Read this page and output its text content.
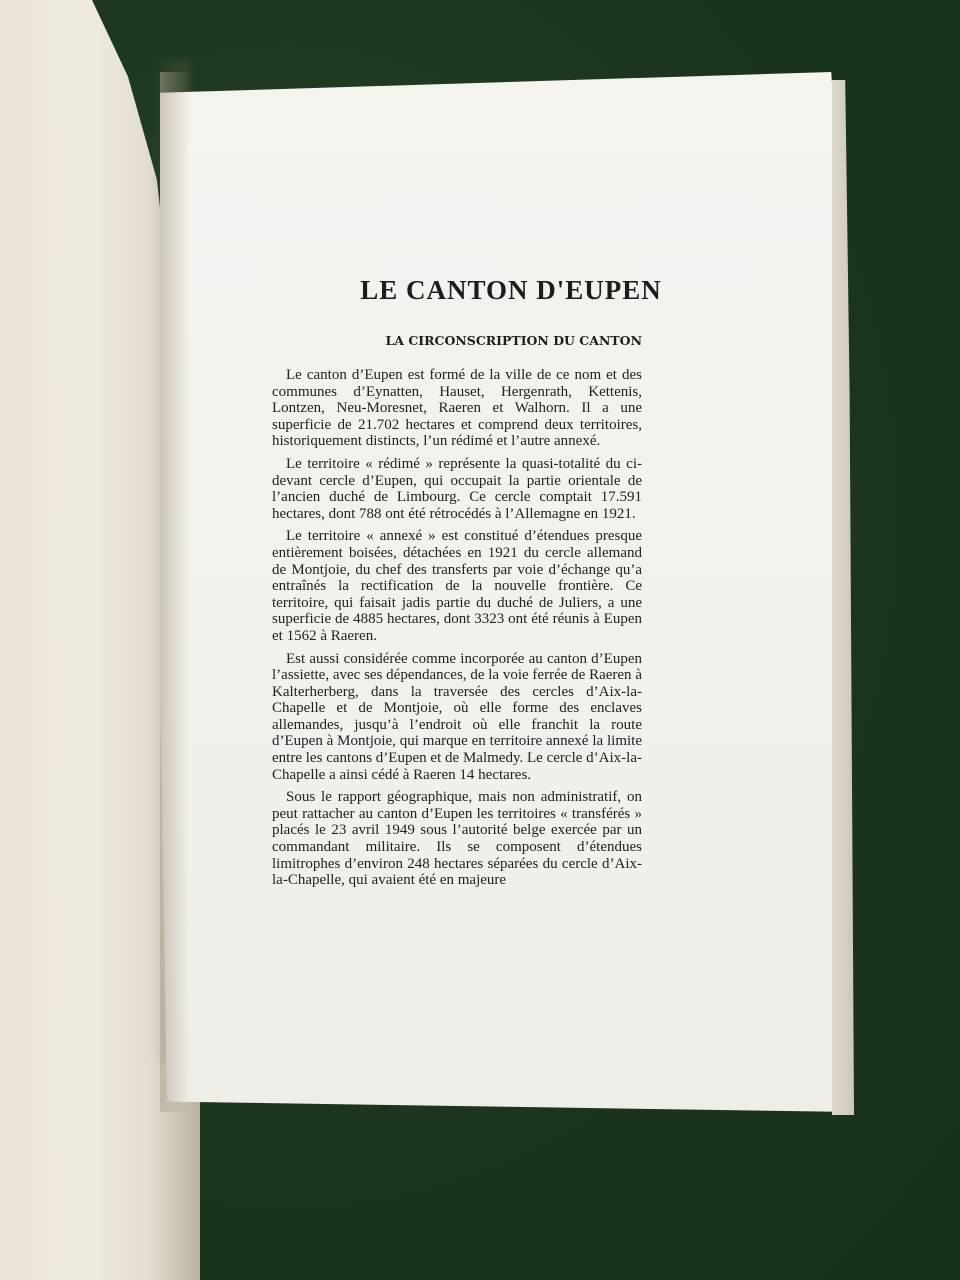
LE CANTON D'EUPEN
LA CIRCONSCRIPTION DU CANTON

Le canton d’Eupen est formé de la ville de ce nom et des communes d’Eynatten, Hauset, Hergenrath, Kettenis, Lontzen, Neu-Moresnet, Raeren et Walhorn. Il a une superficie de 21.702 hectares et comprend deux territoires, historiquement distincts, l’un rédimé et l’autre annexé.

Le territoire « rédimé » représente la quasi-totalité du ci-devant cercle d’Eupen, qui occupait la partie orientale de l’ancien duché de Limbourg. Ce cercle comptait 17.591 hectares, dont 788 ont été rétrocédés à l’Allemagne en 1921.

Le territoire « annexé » est constitué d’étendues presque entièrement boisées, détachées en 1921 du cercle allemand de Montjoie, du chef des transferts par voie d’échange qu’a entraînés la rectification de la nouvelle frontière. Ce territoire, qui faisait jadis partie du duché de Juliers, a une superficie de 4885 hectares, dont 3323 ont été réunis à Eupen et 1562 à Raeren.

Est aussi considérée comme incorporée au canton d’Eupen l’assiette, avec ses dépendances, de la voie ferrée de Raeren à Kalterherberg, dans la traversée des cercles d’Aix-la-Chapelle et de Montjoie, où elle forme des enclaves allemandes, jusqu’à l’endroit où elle franchit la route d’Eupen à Montjoie, qui marque en territoire annexé la limite entre les cantons d’Eupen et de Malmedy. Le cercle d’Aix-la-Chapelle a ainsi cédé à Raeren 14 hectares.

Sous le rapport géographique, mais non administratif, on peut rattacher au canton d’Eupen les territoires « transférés » placés le 23 avril 1949 sous l’autorité belge exercée par un commandant militaire. Ils se composent d’étendues limitrophes d’environ 248 hectares séparées du cercle d’Aix-la-Chapelle, qui avaient été en majeure
